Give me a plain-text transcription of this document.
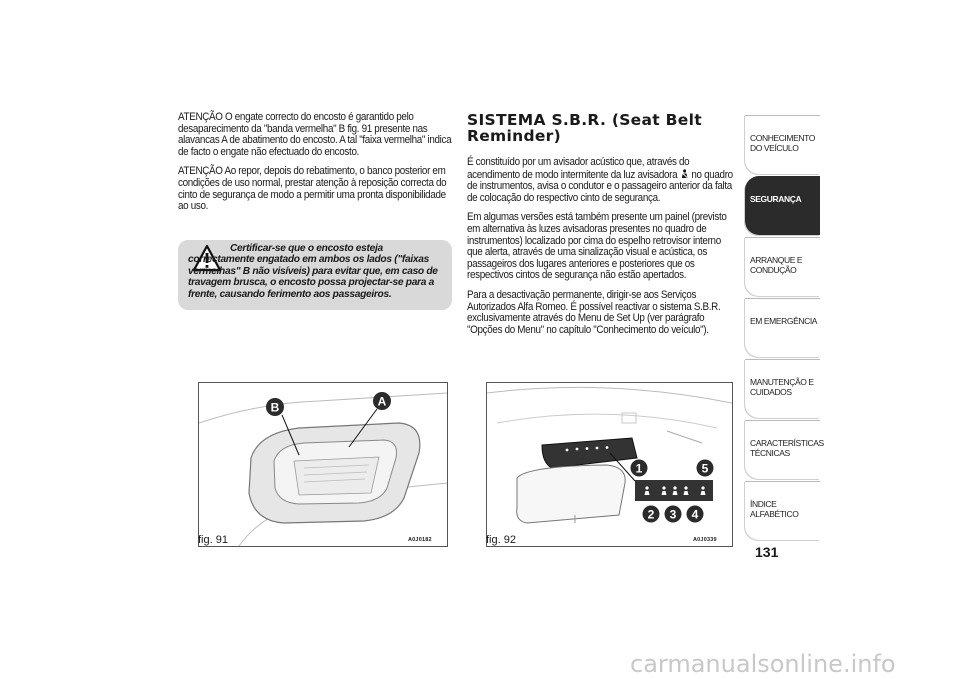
ATENÇÃO O engate correcto do encosto é garantido pelo desaparecimento da "banda vermelha" B fig. 91 presente nas alavancas A de abatimento do encosto. A tal "faixa vermelha" indica de facto o engate não efectuado do encosto.

ATENÇÃO Ao repor, depois do rebatimento, o banco posterior em condições de uso normal, prestar atenção à reposição correcta do cinto de segurança de modo a permitir uma pronta disponibilidade ao uso.

Certificar-se que o encosto esteja correctamente engatado em ambos os lados ("faixas vermelhas" B não visíveis) para evitar que, em caso de travagem brusca, o encosto possa projectar-se para a frente, causando ferimento aos passageiros.

SISTEMA S.B.R. (Seat Belt Reminder)

É constituído por um avisador acústico que, através do acendimento de modo intermitente da luz avisadora  no quadro de instrumentos, avisa o condutor e o passageiro anterior da falta de colocação do respectivo cinto de segurança.

Em algumas versões está também presente um painel (previsto em alternativa às luzes avisadoras presentes no quadro de instrumentos) localizado por cima do espelho retrovisor interno que alerta, através de uma sinalização visual e acústica, os passageiros dos lugares anteriores e posteriores que os respectivos cintos de segurança não estão apertados.

Para a desactivação permanente, dirigir-se aos Serviços Autorizados Alfa Romeo. É possível reactivar o sistema S.B.R. exclusivamente através do Menu de Set Up (ver parágrafo "Opções do Menu" no capítulo "Conhecimento do veículo").

B	A
fig. 91	A0J0182
1
2 3 4
5
fig. 92	A0J0339
CONHECIMENTO DO VEÍCULO
SEGURANÇA
ARRANQUE E CONDUÇÃO
EM EMERGÊNCIA
MANUTENÇÃO E CUIDADOS
CARACTERÍSTICAS TÉCNICAS
ÍNDICE ALFABÉTICO
131
carmanualsonline.info
